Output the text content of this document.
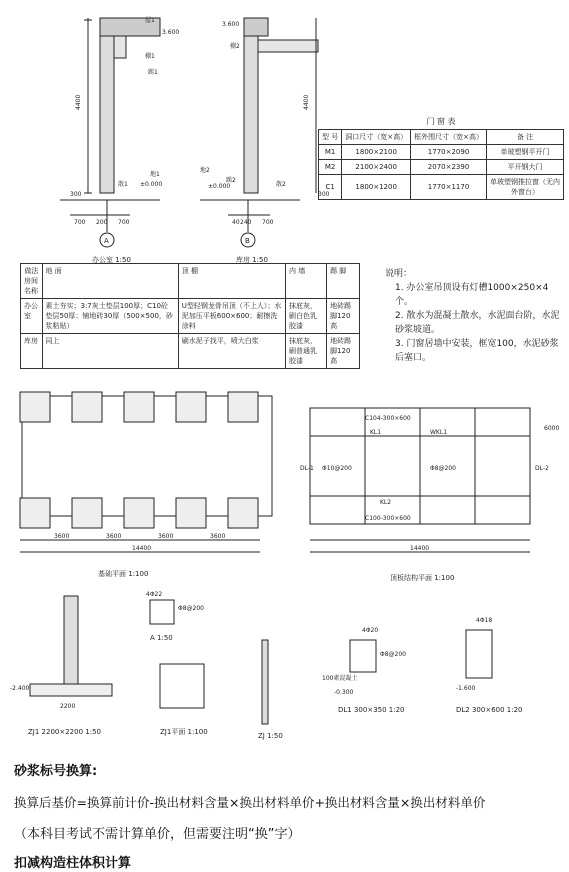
4400
300
3.600
±0.000
700 200 700
屋1
棚1
踢1
地1
散1
A
办公室 1:50
4400
300
3.600
±0.000
240
40	700
棚2
踢2
地2
散2
B
库房 1:50
3600	3600	3600	3600
14400
基础平面 1:100
DL-1	DL-2
KL1	WKL1
KL2
Φ10@200	Φ8@200
C100-300×600
C104-300×600
6000
14400
顶板结构平面 1:100
4Φ22
Φ8@200
A 1:50
-2.400
2200
4Φ20
Φ8@200
4Φ18
100素混凝土
-0.300
-1.600
ZJ1 2200×2200 1:50	ZJ1平面 1:100	ZJ 1:50
DL1 300×350 1:20	DL2 300×600 1:20
门 窗 表
型 号	洞口尺寸（宽×高）	框外围尺寸（宽×高）	备 注
M1	1800×2100	1770×2090	单玻塑钢平开门
M2	2100×2400	2070×2390	平开钢大门
C1	1800×1200	1770×1170	单玻塑钢推拉窗（无内外窗台）
做法
房间名称	地 面	顶 棚	内 墙	踢 脚
办公室	素土夯实；3:7灰土垫层100厚；C10砼垫层50厚；铺地砖30厚（500×500，砂浆粘贴）	U型轻钢龙骨吊顶（不上人）；水泥加压平板600×600；耐擦洗涂料	抹底灰，刷白色乳胶漆	地砖踢脚120高
库房	同上	刷水泥子找平，喷大白浆	抹底灰，刷普通乳胶漆	地砖踢脚120高
说明：
1. 办公室吊顶设有灯槽1000×250×4个。
2. 散水为混凝土散水，水泥面台阶，水泥砂浆坡道。
3. 门窗居墙中安装，框宽100，水泥砂浆后塞口。
砂浆标号换算:
换算后基价=换算前计价-换出材料含量×换出材料单价+换出材料含量×换出材料单价
（本科目考试不需计算单价，但需要注明“换”字）
扣减构造柱体积计算
